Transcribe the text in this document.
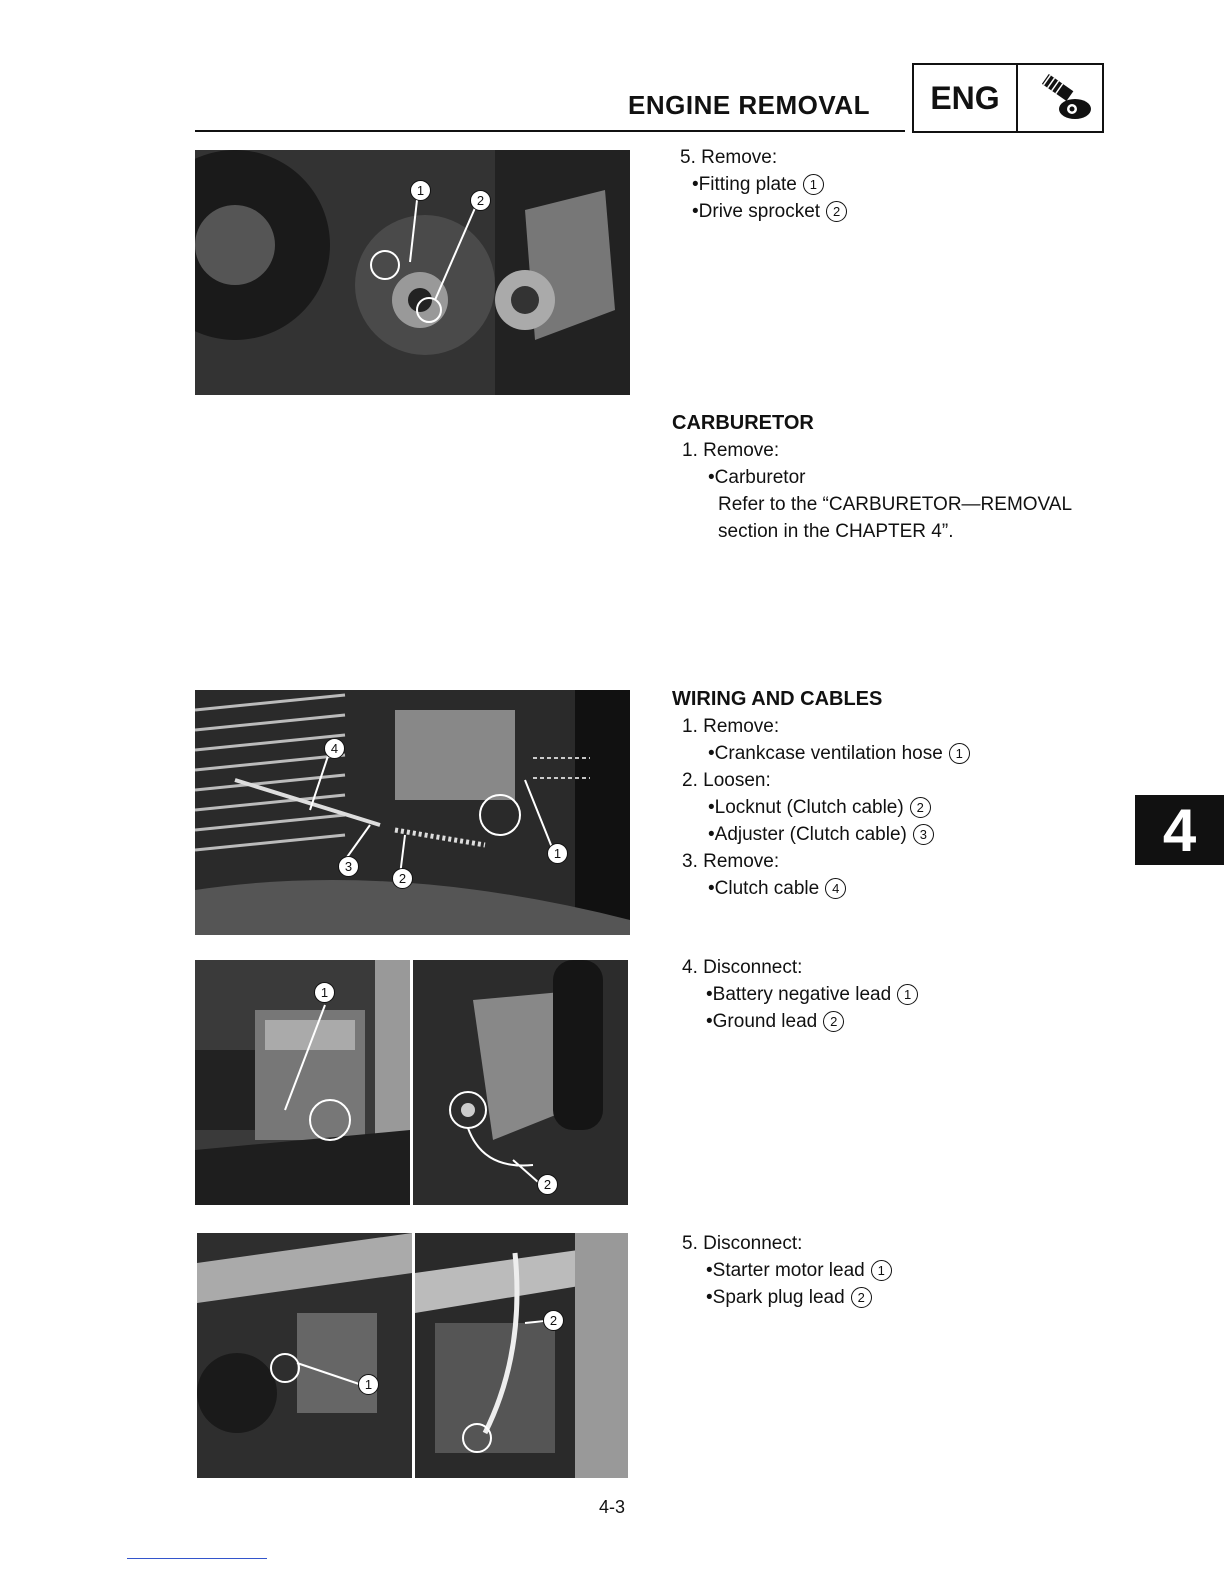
ENGINE REMOVAL	ENG
1
2
5. Remove:
•Fitting plate 1
•Drive sprocket 2
CARBURETOR
1. Remove:
•Carburetor
Refer to the “CARBURETOR—REMOVAL
section in the CHAPTER 4”.
4
3
2
1
WIRING AND CABLES
1. Remove:
•Crankcase ventilation hose 1
2. Loosen:
•Locknut (Clutch cable) 2
•Adjuster (Clutch cable) 3
3. Remove:
•Clutch cable 4
1
2
4. Disconnect:
•Battery negative lead 1
•Ground lead 2
1
2
5. Disconnect:
•Starter motor lead 1
•Spark plug lead 2
4
4-3
